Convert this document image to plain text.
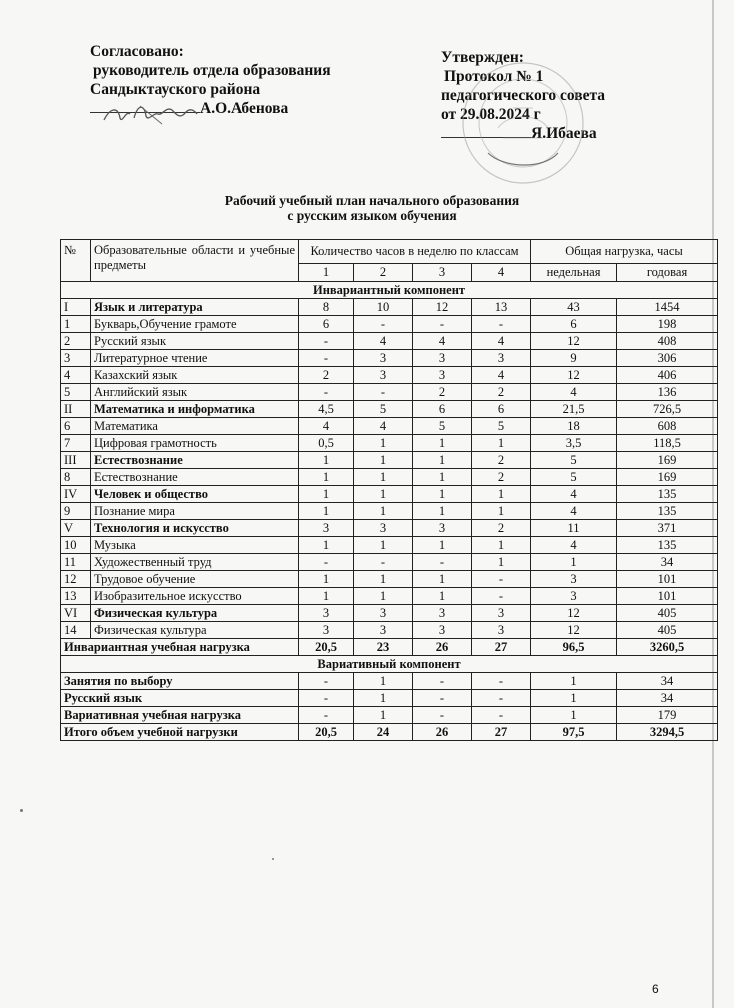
Согласовано:
руководитель отдела образования
Сандыктауского района
А.О.Абенова
Утвержден:
Протокол № 1
педагогического совета
от 29.08.2024 г
Я.Ибаева
Рабочий учебный план начального образования
с русским языком обучения
№	Образовательные области и учебные предметы	Количество часов в неделю по классам				Общая нагрузка, часы	
		1	2	3	4	недельная	годовая
Инвариантный компонент							
I	Язык и литература	8	10	12	13	43	1454
1	Букварь,Обучение грамоте	6	-	-	-	6	198
2	Русский язык	-	4	4	4	12	408
3	Литературное чтение	-	3	3	3	9	306
4	Казахский язык	2	3	3	4	12	406
5	Английский язык	-	-	2	2	4	136
II	Математика и информатика	4,5	5	6	6	21,5	726,5
6	Математика	4	4	5	5	18	608
7	Цифровая грамотность	0,5	1	1	1	3,5	118,5
III	Естествознание	1	1	1	2	5	169
8	Естествознание	1	1	1	2	5	169
IV	Человек и общество	1	1	1	1	4	135
9	Познание мира	1	1	1	1	4	135
V	Технология и искусство	3	3	3	2	11	371
10	Музыка	1	1	1	1	4	135
11	Художественный труд	-	-	-	1	1	34
12	Трудовое обучение	1	1	1	-	3	101
13	Изобразительное искусство	1	1	1	-	3	101
VI	Физическая культура	3	3	3	3	12	405
14	Физическая культура	3	3	3	3	12	405
Инвариантная учебная нагрузка		20,5	23	26	27	96,5	3260,5
Вариативный компонент							
Занятия по выбору		-	1	-	-	1	34
Русский язык		-	1	-	-	1	34
Вариативная учебная нагрузка		-	1	-	-	1	179
Итого объем учебной нагрузки		20,5	24	26	27	97,5	3294,5
6
